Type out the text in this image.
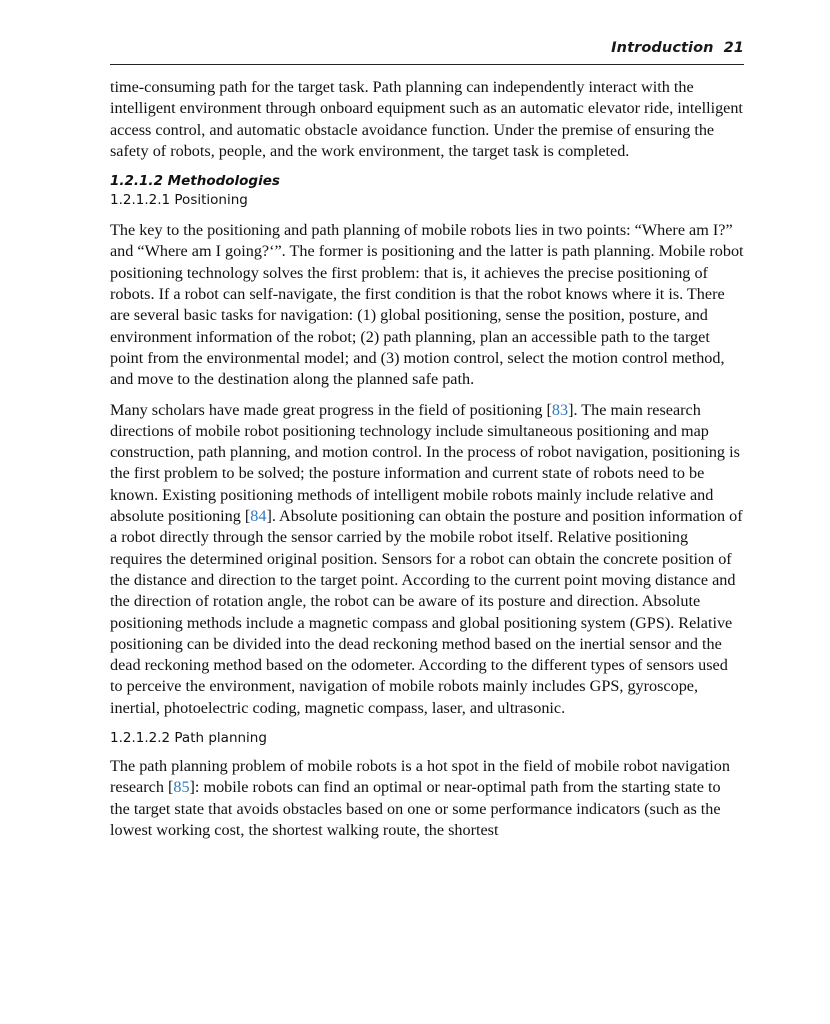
Introduction 21

time-consuming path for the target task. Path planning can independently interact with the intelligent environment through onboard equipment such as an automatic elevator ride, intelligent access control, and automatic obstacle avoidance function. Under the premise of ensuring the safety of robots, people, and the work environment, the target task is completed.

1.2.1.2 Methodologies
1.2.1.2.1 Positioning

The key to the positioning and path planning of mobile robots lies in two points: “Where am I?” and “Where am I going?‘”. The former is positioning and the latter is path planning. Mobile robot positioning technology solves the first problem: that is, it achieves the precise positioning of robots. If a robot can self-navigate, the first condition is that the robot knows where it is. There are several basic tasks for navigation: (1) global positioning, sense the position, posture, and environment information of the robot; (2) path planning, plan an accessible path to the target point from the environmental model; and (3) motion control, select the motion control method, and move to the destination along the planned safe path.

Many scholars have made great progress in the field of positioning [83]. The main research directions of mobile robot positioning technology include simultaneous positioning and map construction, path planning, and motion control. In the process of robot navigation, positioning is the first problem to be solved; the posture information and current state of robots need to be known. Existing positioning methods of intelligent mobile robots mainly include relative and absolute positioning [84]. Absolute positioning can obtain the posture and position information of a robot directly through the sensor carried by the mobile robot itself. Relative positioning requires the determined original position. Sensors for a robot can obtain the concrete position of the distance and direction to the target point. According to the current point moving distance and the direction of rotation angle, the robot can be aware of its posture and direction. Absolute positioning methods include a magnetic compass and global positioning system (GPS). Relative positioning can be divided into the dead reckoning method based on the inertial sensor and the dead reckoning method based on the odometer. According to the different types of sensors used to perceive the environment, navigation of mobile robots mainly includes GPS, gyroscope, inertial, photoelectric coding, magnetic compass, laser, and ultrasonic.

1.2.1.2.2 Path planning

The path planning problem of mobile robots is a hot spot in the field of mobile robot navigation research [85]: mobile robots can find an optimal or near-optimal path from the starting state to the target state that avoids obstacles based on one or some performance indicators (such as the lowest working cost, the shortest walking route, the shortest
